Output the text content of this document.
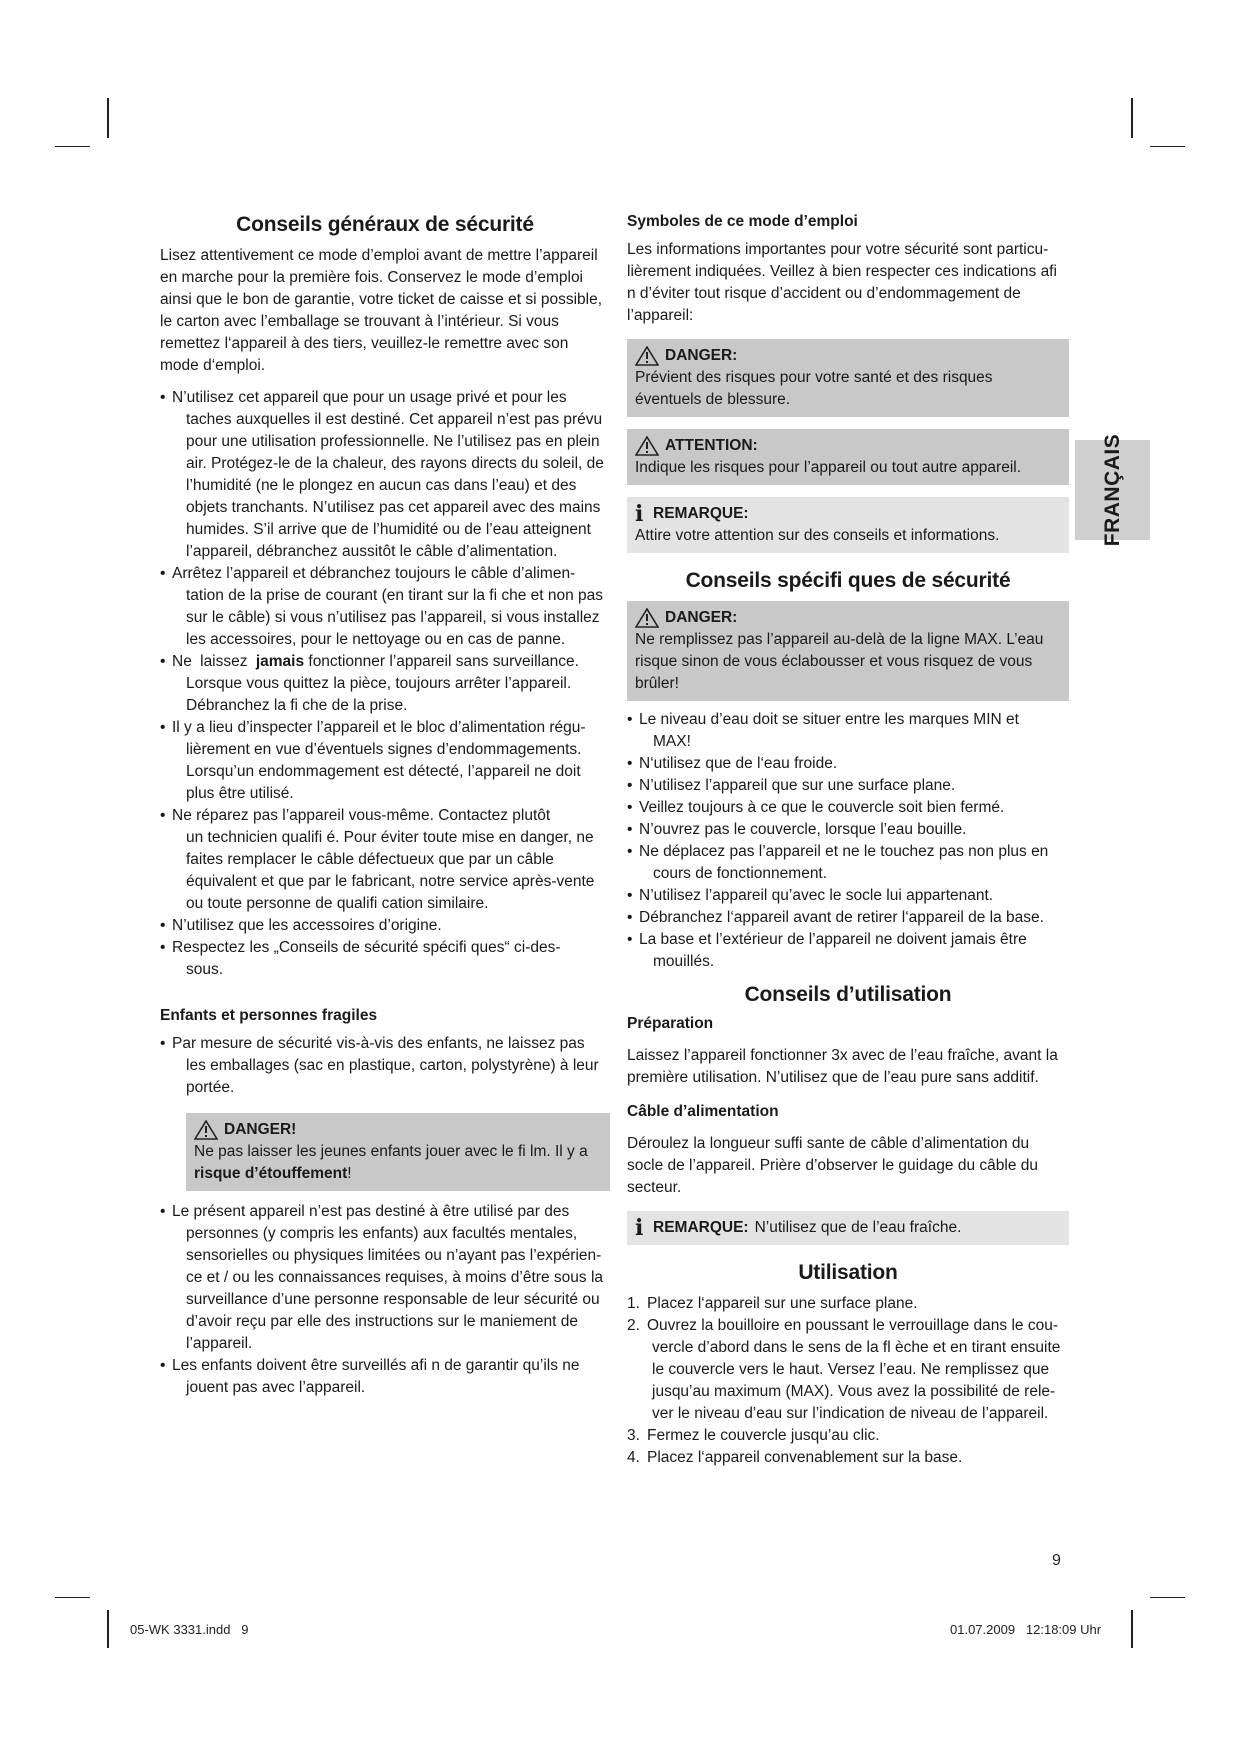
Conseils généraux de sécurité

Lisez attentivement ce mode d’emploi avant de mettre l’appareil en marche pour la première fois. Conservez le mode d’emploi ainsi que le bon de garantie, votre ticket de caisse et si possible, le carton avec l’emballage se trouvant à l’intérieur. Si vous remettez l‘appareil à des tiers, veuillez-le remettre avec son mode d‘emploi.

• N’utilisez cet appareil que pour un usage privé et pour les
taches auxquelles il est destiné. Cet appareil n’est pas prévu pour une utilisation professionnelle. Ne l’utilisez pas en plein air. Protégez-le de la chaleur, des rayons directs du soleil, de l’humidité (ne le plongez en aucun cas dans l’eau) et des objets tranchants. N’utilisez pas cet appareil avec des mains humides. S’il arrive que de l’humidité ou de l’eau atteignent l’appareil, débranchez aussitôt le câble d’alimentation.
• Arrêtez l’appareil et débranchez toujours le câble d’alimen-
tation de la prise de courant (en tirant sur la fi che et non pas sur le câble) si vous n’utilisez pas l’appareil, si vous installez les accessoires, pour le nettoyage ou en cas de panne.
• Ne laissez jamais fonctionner l’appareil sans surveillance.
Lorsque vous quittez la pièce, toujours arrêter l’appareil. Débranchez la fi che de la prise.
• Il y a lieu d’inspecter l’appareil et le bloc d’alimentation régu-
lièrement en vue d’éventuels signes d’endommagements. Lorsqu’un endommagement est détecté, l’appareil ne doit plus être utilisé.
• Ne réparez pas l’appareil vous-même. Contactez plutôt
un technicien qualifi é. Pour éviter toute mise en danger, ne faites remplacer le câble défectueux que par un câble équivalent et que par le fabricant, notre service après-vente ou toute personne de qualifi cation similaire.
• N’utilisez que les accessoires d’origine.
• Respectez les „Conseils de sécurité spécifi ques“ ci-des-
sous.
Enfants et personnes fragiles
• Par mesure de sécurité vis-à-vis des enfants, ne laissez pas
les emballages (sac en plastique, carton, polystyrène) à leur portée.
DANGER!
Ne pas laisser les jeunes enfants jouer avec le fi lm. Il y a risque d’étouffement!
• Le présent appareil n’est pas destiné à être utilisé par des
personnes (y compris les enfants) aux facultés mentales, sensorielles ou physiques limitées ou n’ayant pas l’expérien-ce et / ou les connaissances requises, à moins d’être sous la surveillance d’une personne responsable de leur sécurité ou d’avoir reçu par elle des instructions sur le maniement de l’appareil.
• Les enfants doivent être surveillés afi n de garantir qu’ils ne
jouent pas avec l’appareil.
Symboles de ce mode d’emploi

Les informations importantes pour votre sécurité sont particu-lièrement indiquées. Veillez à bien respecter ces indications afi n d’éviter tout risque d’accident ou d’endommagement de l’appareil:

DANGER:
Prévient des risques pour votre santé et des risques éventuels de blessure.
ATTENTION:
Indique les risques pour l’appareil ou tout autre appareil.
i REMARQUE:
Attire votre attention sur des conseils et informations.
Conseils spécifi ques de sécurité
DANGER:
Ne remplissez pas l’appareil au-delà de la ligne MAX. L’eau risque sinon de vous éclabousser et vous risquez de vous brûler!
• Le niveau d’eau doit se situer entre les marques MIN et
MAX!
• N‘utilisez que de l‘eau froide.
• N’utilisez l’appareil que sur une surface plane.
• Veillez toujours à ce que le couvercle soit bien fermé.
• N’ouvrez pas le couvercle, lorsque l’eau bouille.
• Ne déplacez pas l’appareil et ne le touchez pas non plus en
cours de fonctionnement.
• N’utilisez l’appareil qu’avec le socle lui appartenant.
• Débranchez l‘appareil avant de retirer l‘appareil de la base.
• La base et l’extérieur de l’appareil ne doivent jamais être
mouillés.
Conseils d’utilisation
Préparation

Laissez l’appareil fonctionner 3x avec de l’eau fraîche, avant la première utilisation. N’utilisez que de l’eau pure sans additif.

Câble d’alimentation

Déroulez la longueur suffi sante de câble d’alimentation du socle de l’appareil. Prière d’observer le guidage du câble du secteur.

i REMARQUE: N’utilisez que de l’eau fraîche.
Utilisation
1. Placez l‘appareil sur une surface plane.
2. Ouvrez la bouilloire en poussant le verrouillage dans le cou-
vercle d’abord dans le sens de la fl èche et en tirant ensuite le couvercle vers le haut. Versez l’eau. Ne remplissez que jusqu’au maximum (MAX). Vous avez la possibilité de rele-ver le niveau d’eau sur l’indication de niveau de l’appareil.
3. Fermez le couvercle jusqu’au clic.
4. Placez l‘appareil convenablement sur la base.
FRANÇAIS
9
05-WK 3331.indd   9	01.07.2009   12:18:09 Uhr
